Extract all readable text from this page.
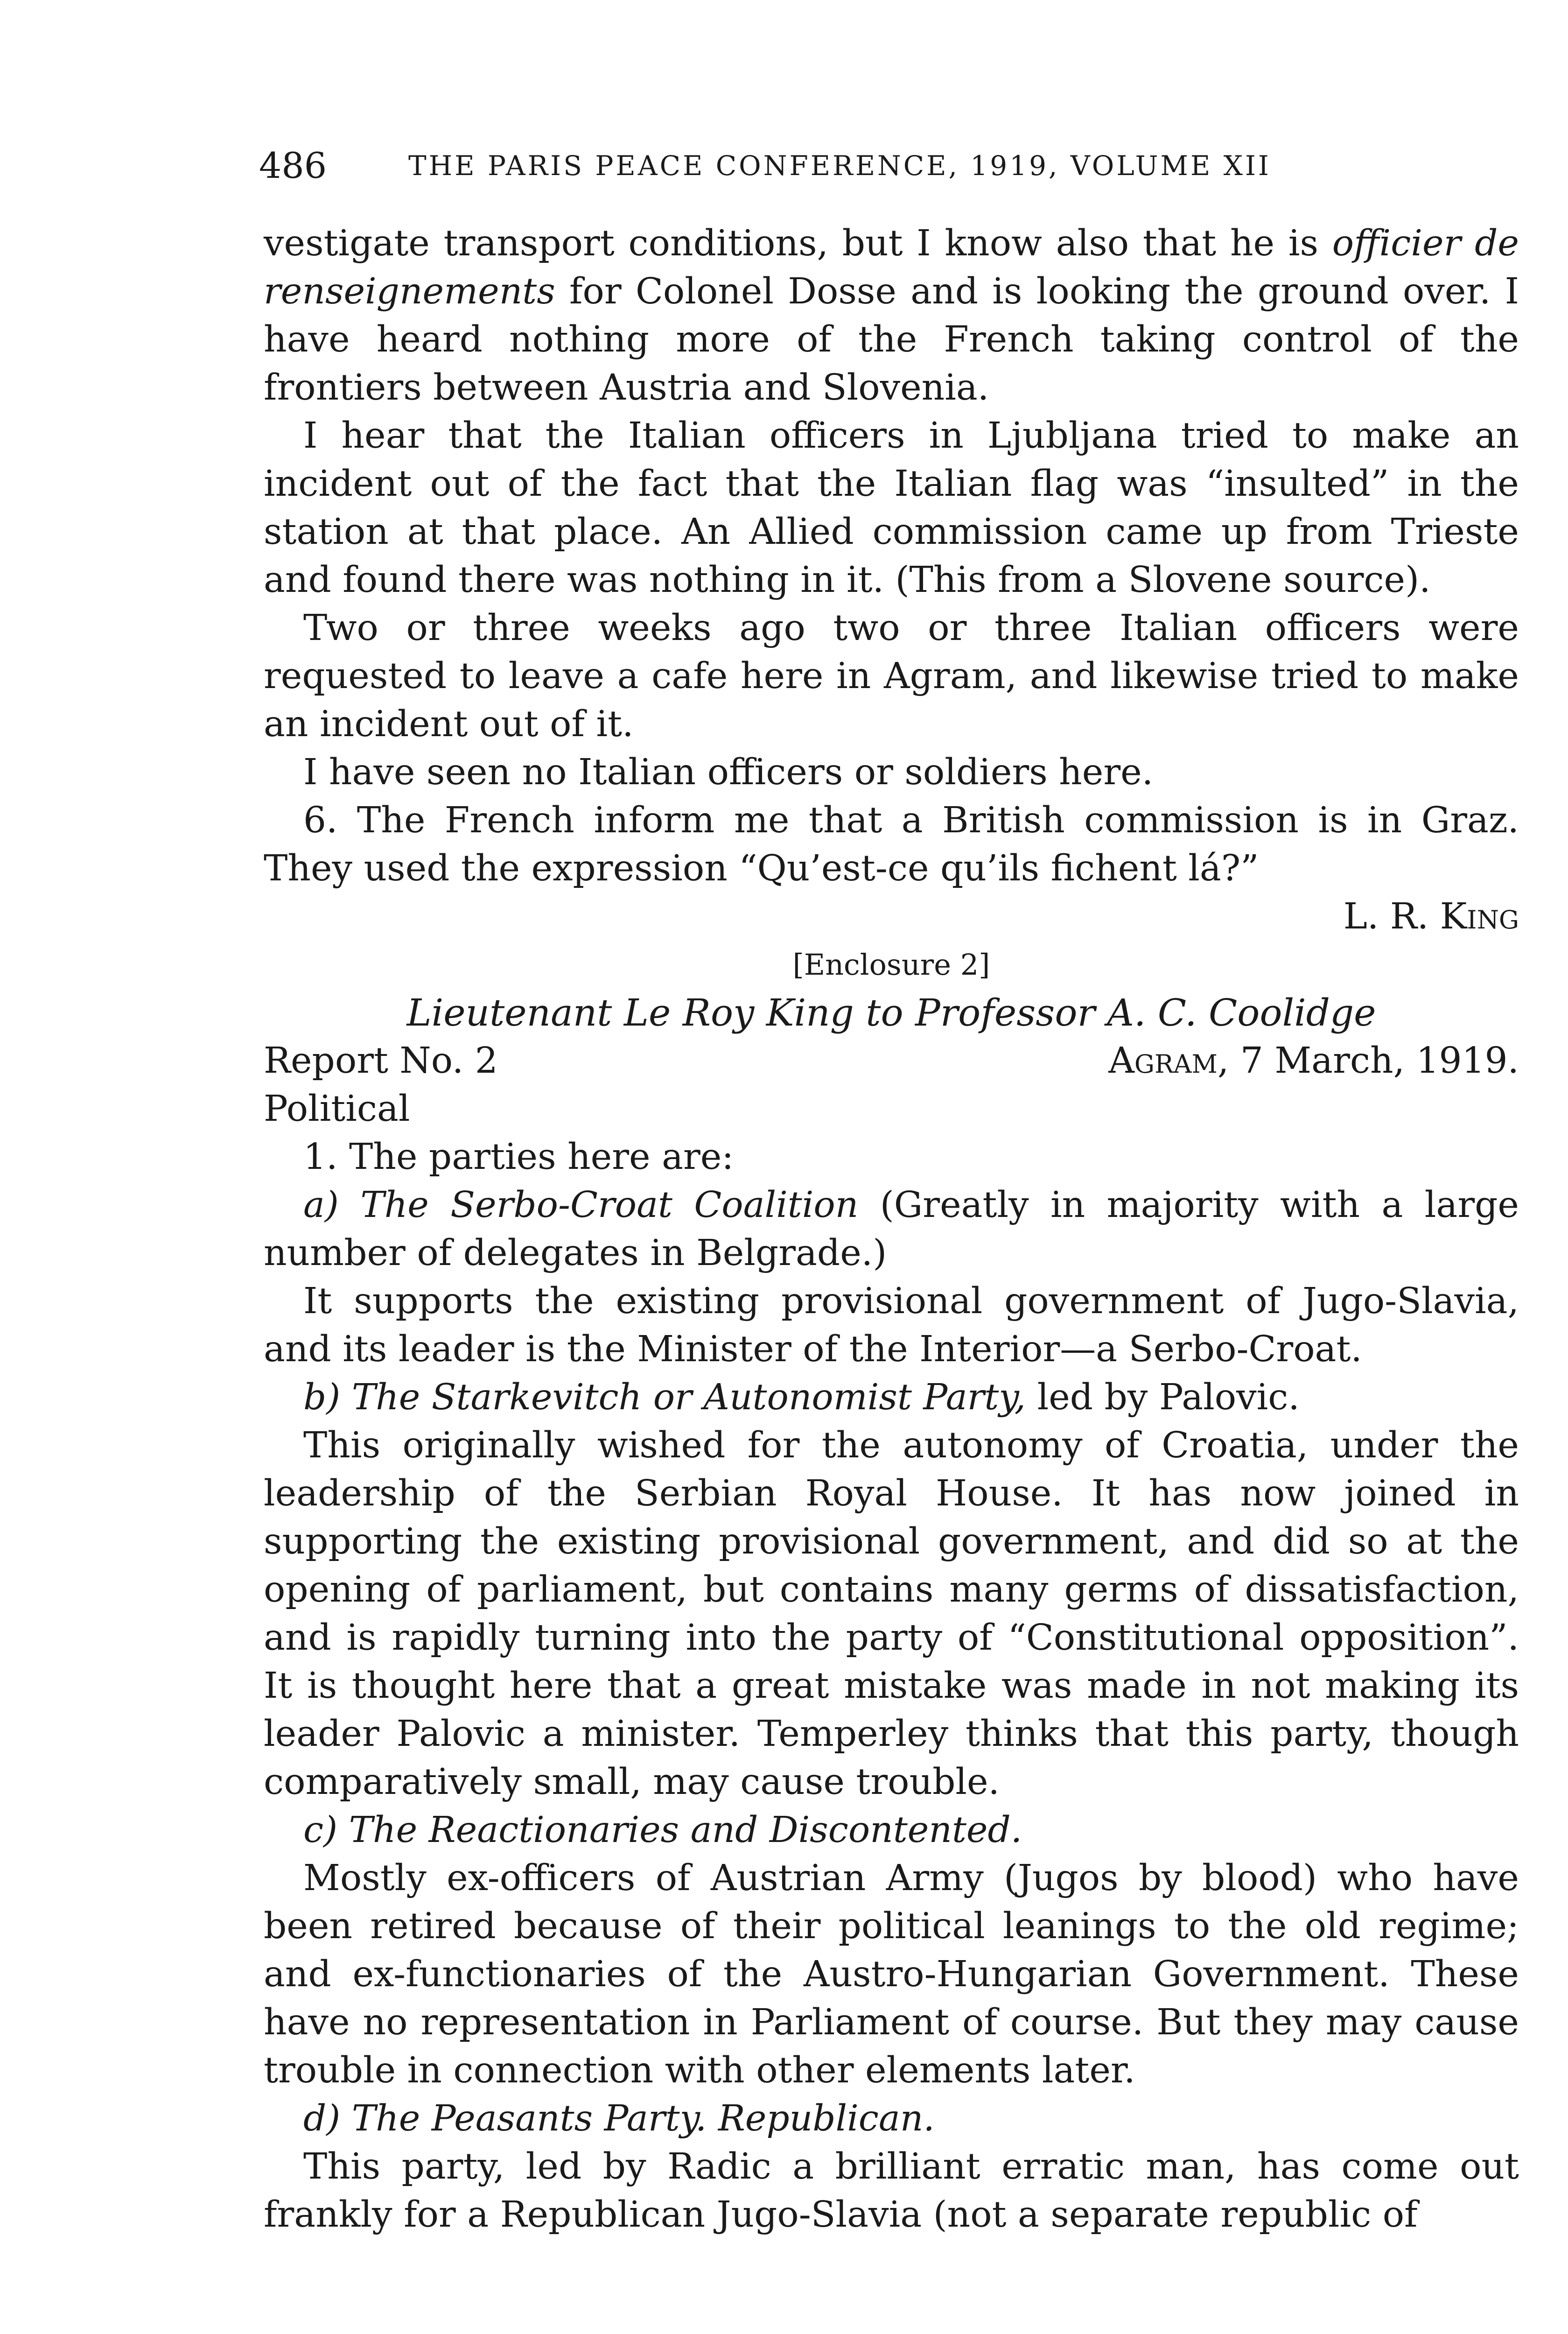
486	THE PARIS PEACE CONFERENCE, 1919, VOLUME XII

vestigate transport conditions, but I know also that he is officier de renseignements for Colonel Dosse and is looking the ground over. I have heard nothing more of the French taking control of the frontiers between Austria and Slovenia.

I hear that the Italian officers in Ljubljana tried to make an incident out of the fact that the Italian flag was “insulted” in the station at that place. An Allied commission came up from Trieste and found there was nothing in it. (This from a Slovene source).

Two or three weeks ago two or three Italian officers were requested to leave a cafe here in Agram, and likewise tried to make an incident out of it.

I have seen no Italian officers or soldiers here.

6. The French inform me that a British commission is in Graz. They used the expression “Qu’est-ce qu’ils fichent lá?”

L. R. King

[Enclosure 2]

Lieutenant Le Roy King to Professor A. C. Coolidge

Report No. 2	Agram, 7 March, 1919.

Political

1. The parties here are:

a) The Serbo-Croat Coalition (Greatly in majority with a large number of delegates in Belgrade.)

It supports the existing provisional government of Jugo-Slavia, and its leader is the Minister of the Interior—a Serbo-Croat.

b) The Starkevitch or Autonomist Party, led by Palovic.

This originally wished for the autonomy of Croatia, under the leadership of the Serbian Royal House. It has now joined in supporting the existing provisional government, and did so at the opening of parliament, but contains many germs of dissatisfaction, and is rapidly turning into the party of “Constitutional opposition”. It is thought here that a great mistake was made in not making its leader Palovic a minister. Temperley thinks that this party, though comparatively small, may cause trouble.

c) The Reactionaries and Discontented.

Mostly ex-officers of Austrian Army (Jugos by blood) who have been retired because of their political leanings to the old regime; and ex-functionaries of the Austro-Hungarian Government. These have no representation in Parliament of course. But they may cause trouble in connection with other elements later.

d) The Peasants Party. Republican.

This party, led by Radic a brilliant erratic man, has come out frankly for a Republican Jugo-Slavia (not a separate republic of
